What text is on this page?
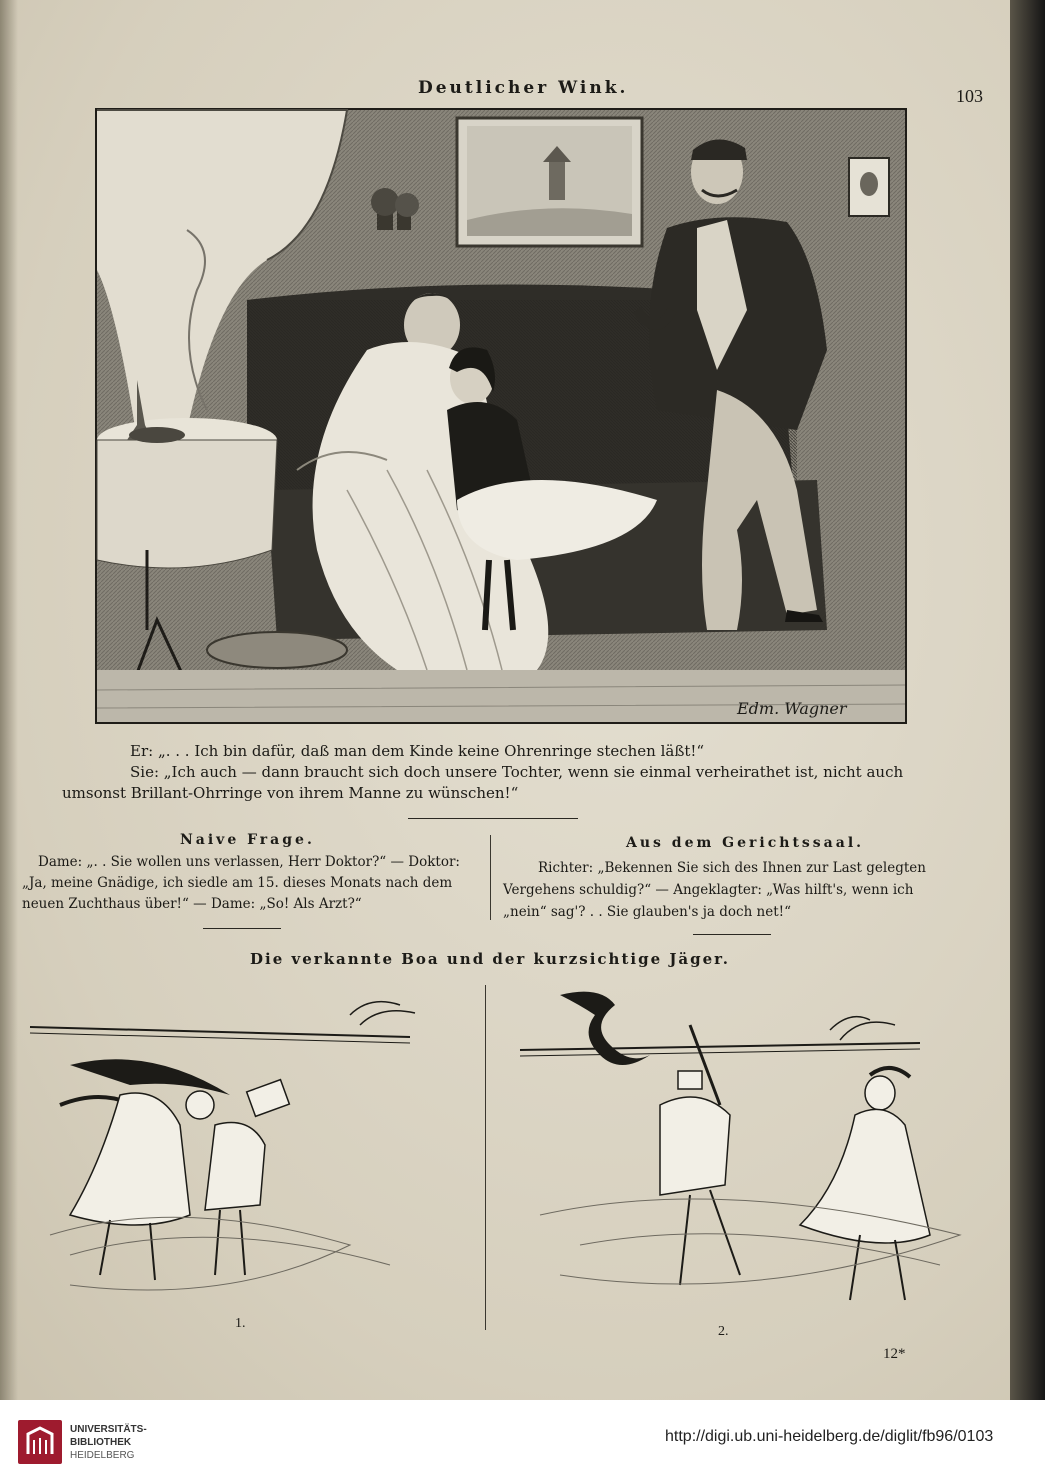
Deutlicher Wink.	103
Edm. Wagner
Er: „. . . Ich bin dafür, daß man dem Kinde keine Ohrenringe stechen läßt!“
Sie: „Ich auch — dann braucht sich doch unsere Tochter, wenn sie einmal verheirathet ist, nicht auch
umsonst Brillant-Ohrringe von ihrem Manne zu wünschen!“
Naive Frage.
Dame: „. . Sie wollen uns verlassen, Herr Doktor?“ — Doktor:
„Ja, meine Gnädige, ich siedle am 15. dieses Monats nach dem
neuen Zuchthaus über!“ — Dame: „So! Als Arzt?“
Aus dem Gerichtssaal.
Richter: „Bekennen Sie sich des Ihnen zur Last gelegten
Vergehens schuldig?“ — Angeklagter: „Was hilft's, wenn ich
„nein“ sag'? . . Sie glauben's ja doch net!“
Die verkannte Boa und der kurzsichtige Jäger.
1.
2.
12*
UNIVERSITÄTS-
BIBLIOTHEK
HEIDELBERG
http://digi.ub.uni-heidelberg.de/diglit/fb96/0103
